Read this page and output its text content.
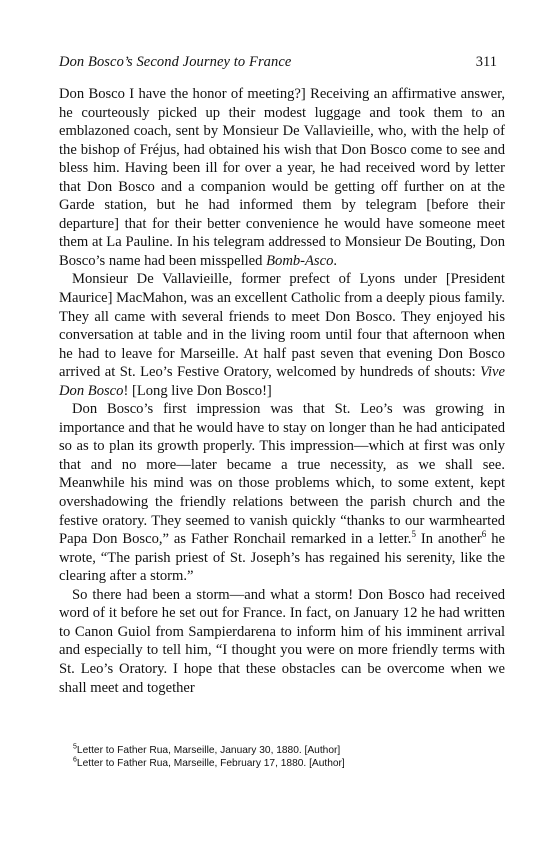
Don Bosco’s Second Journey to France	311

Don Bosco I have the honor of meeting?] Receiving an affirmative answer, he courteously picked up their modest luggage and took them to an emblazoned coach, sent by Monsieur De Vallavieille, who, with the help of the bishop of Fréjus, had obtained his wish that Don Bosco come to see and bless him. Having been ill for over a year, he had received word by letter that Don Bosco and a companion would be getting off further on at the Garde station, but he had informed them by telegram [before their departure] that for their better convenience he would have someone meet them at La Pauline. In his telegram addressed to Monsieur De Bouting, Don Bosco’s name had been misspelled Bomb-Asco.

Monsieur De Vallavieille, former prefect of Lyons under [President Maurice] MacMahon, was an excellent Catholic from a deeply pious family. They all came with several friends to meet Don Bosco. They enjoyed his conversation at table and in the living room until four that afternoon when he had to leave for Marseille. At half past seven that evening Don Bosco arrived at St. Leo’s Festive Oratory, welcomed by hundreds of shouts: Vive Don Bosco! [Long live Don Bosco!]

Don Bosco’s first impression was that St. Leo’s was growing in importance and that he would have to stay on longer than he had anticipated so as to plan its growth properly. This impression—which at first was only that and no more—later became a true necessity, as we shall see. Meanwhile his mind was on those problems which, to some extent, kept overshadowing the friendly relations between the parish church and the festive oratory. They seemed to vanish quickly “thanks to our warmhearted Papa Don Bosco,” as Father Ronchail remarked in a letter.$^5$ In another$^6$ he wrote, “The parish priest of St. Joseph’s has regained his serenity, like the clearing after a storm.”

So there had been a storm—and what a storm! Don Bosco had received word of it before he set out for France. In fact, on January 12 he had written to Canon Guiol from Sampierdarena to inform him of his imminent arrival and especially to tell him, “I thought you were on more friendly terms with St. Leo’s Oratory. I hope that these obstacles can be overcome when we shall meet and together

$^5$Letter to Father Rua, Marseille, January 30, 1880. [Author]

$^6$Letter to Father Rua, Marseille, February 17, 1880. [Author]
